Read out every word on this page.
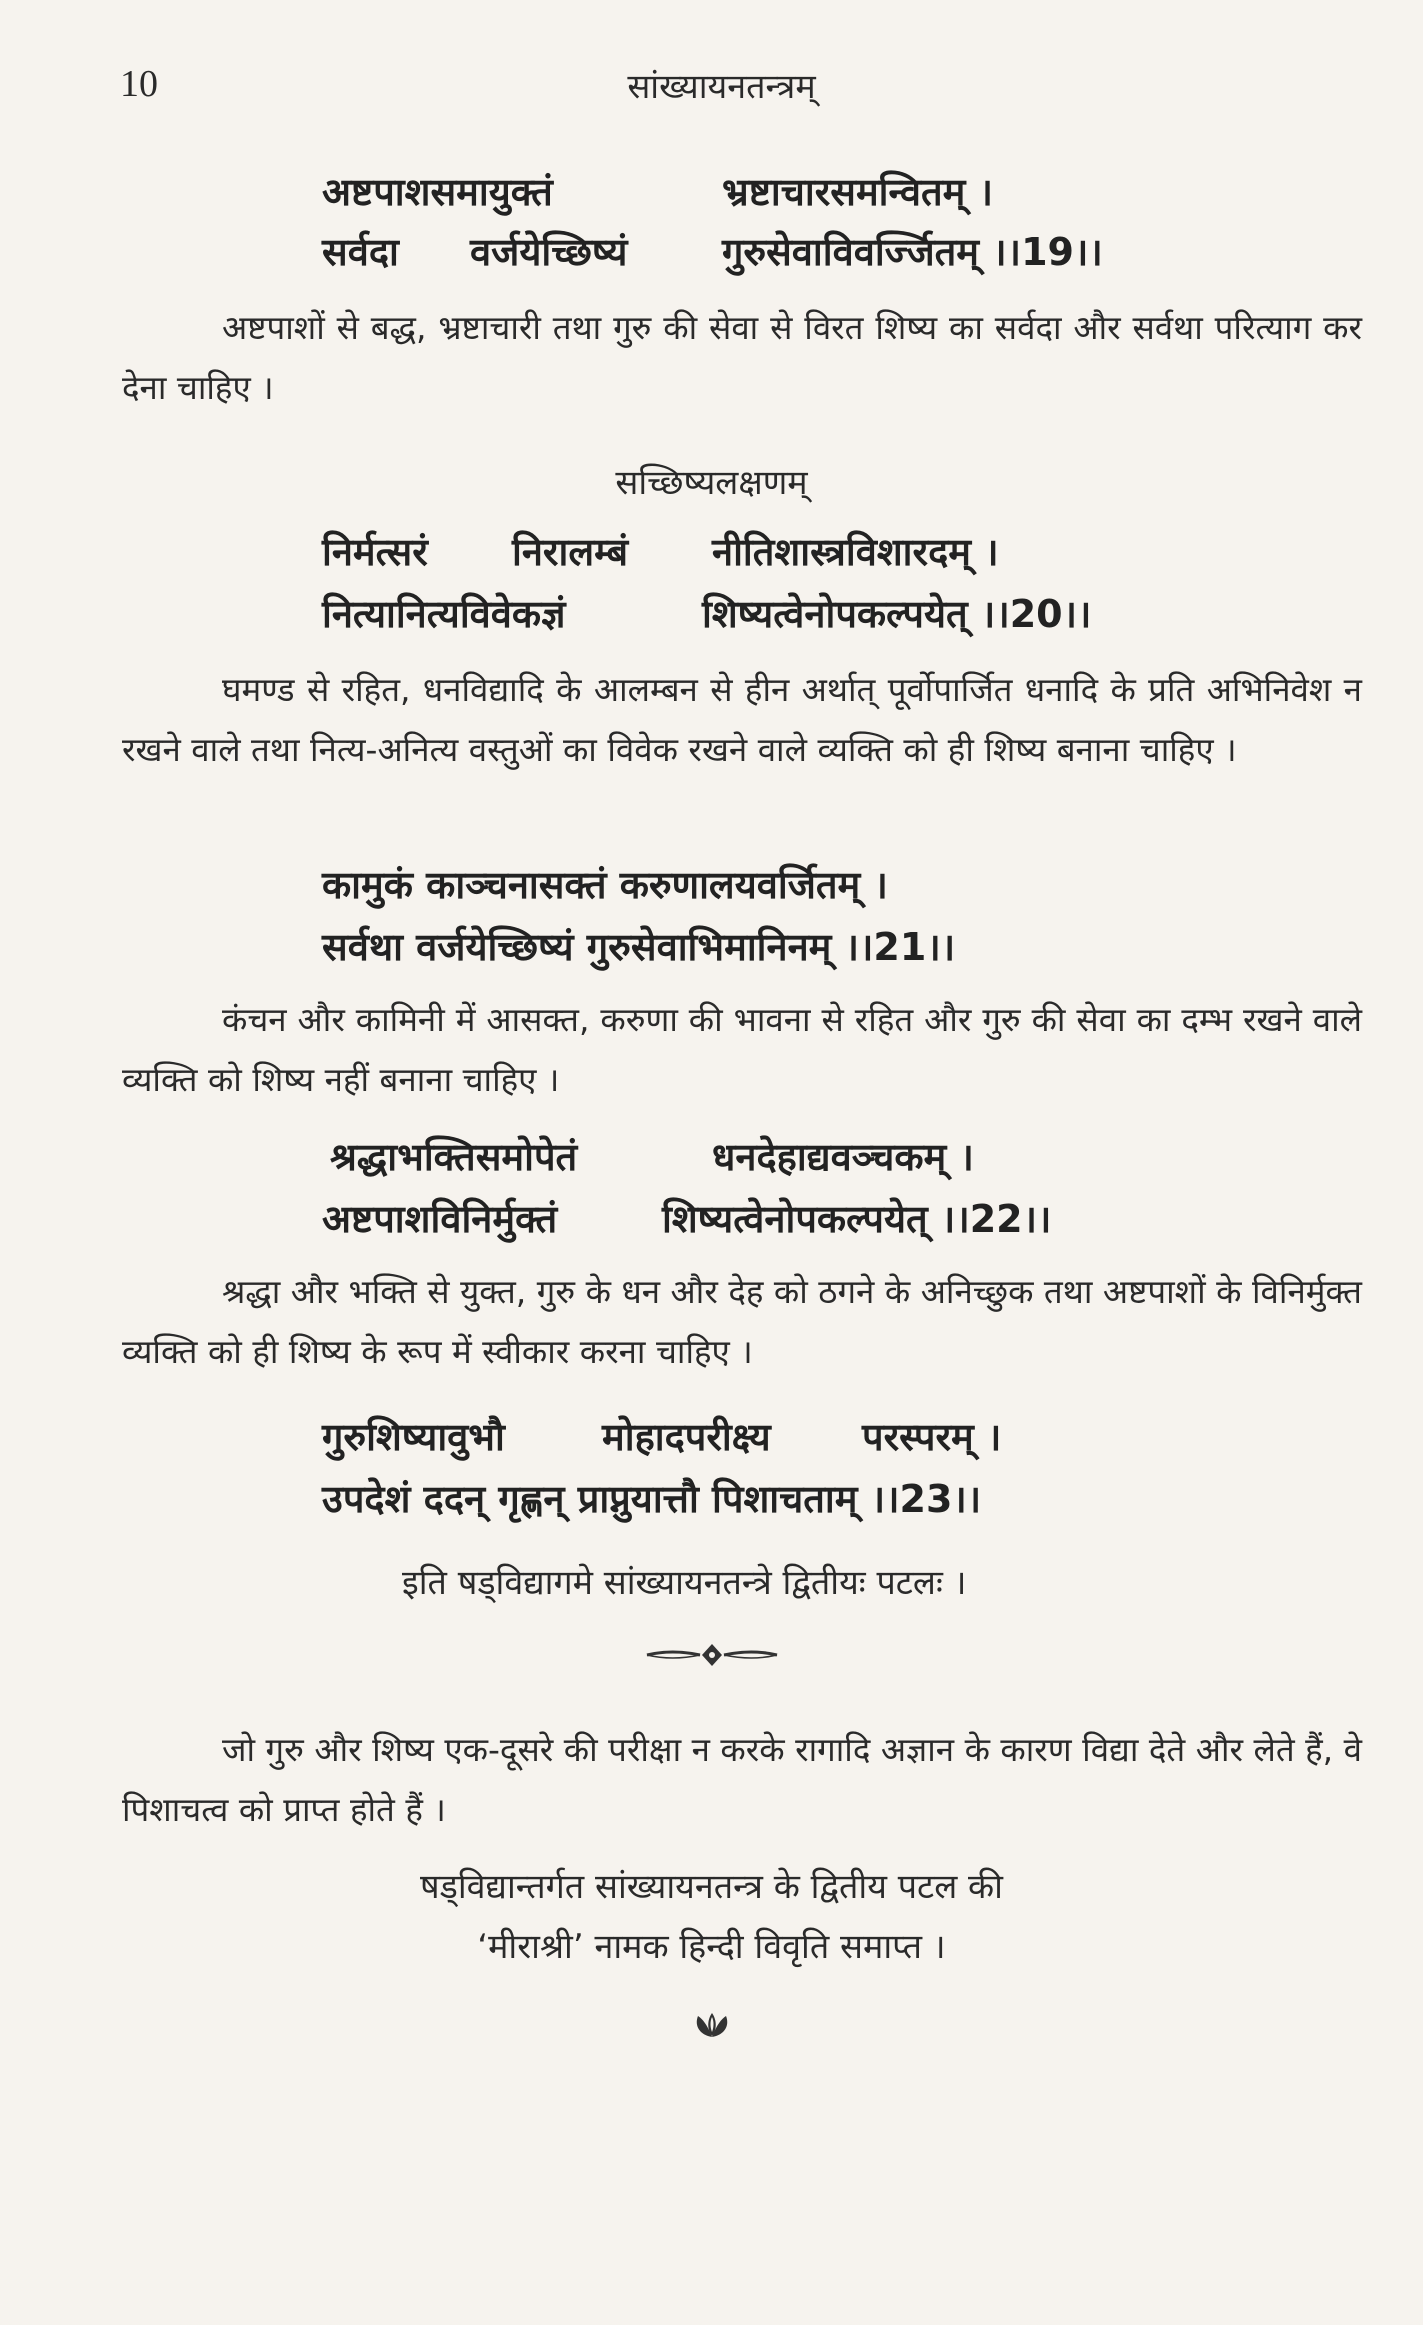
10	सांख्यायनतन्त्रम्
अष्टपाशसमायुक्तं	भ्रष्टाचारसमन्वितम् ।
सर्वदा वर्जयेच्छिष्यं गुरुसेवाविवर्ज्जितम् ।।19।।
अष्टपाशों से बद्ध, भ्रष्टाचारी तथा गुरु की सेवा से विरत शिष्य का सर्वदा और सर्वथा परित्याग कर देना चाहिए ।
सच्छिष्यलक्षणम्
निर्मत्सरं निरालम्बं नीतिशास्त्रविशारदम् ।
नित्यानित्यविवेकज्ञं	शिष्यत्वेनोपकल्पयेत् ।।20।।
घमण्ड से रहित, धनविद्यादि के आलम्बन से हीन अर्थात् पूर्वोपार्जित धनादि के प्रति अभिनिवेश न रखने वाले तथा नित्य-अनित्य वस्तुओं का विवेक रखने वाले व्यक्ति को ही शिष्य बनाना चाहिए ।
कामुकं काञ्चनासक्तं करुणालयवर्जितम् ।
सर्वथा वर्जयेच्छिष्यं गुरुसेवाभिमानिनम् ।।21।।
कंचन और कामिनी में आसक्त, करुणा की भावना से रहित और गुरु की सेवा का दम्भ रखने वाले व्यक्ति को शिष्य नहीं बनाना चाहिए ।
श्रद्धाभक्तिसमोपेतं	धनदेहाद्यवञ्चकम् ।
अष्टपाशविनिर्मुक्तं	शिष्यत्वेनोपकल्पयेत् ।।22।।
श्रद्धा और भक्ति से युक्त, गुरु के धन और देह को ठगने के अनिच्छुक तथा अष्टपाशों के विनिर्मुक्त व्यक्ति को ही शिष्य के रूप में स्वीकार करना चाहिए ।
गुरुशिष्यावुभौ	मोहादपरीक्ष्य परस्परम् ।
उपदेशं ददन् गृह्णन् प्राप्नुयात्तौ पिशाचताम् ।।23।।
इति षड्विद्यागमे सांख्यायनतन्त्रे द्वितीयः पटलः ।
जो गुरु और शिष्य एक-दूसरे की परीक्षा न करके रागादि अज्ञान के कारण विद्या देते और लेते हैं, वे पिशाचत्व को प्राप्त होते हैं ।
षड्विद्यान्तर्गत सांख्यायनतन्त्र के द्वितीय पटल की
‘मीराश्री’ नामक हिन्दी विवृति समाप्त ।
